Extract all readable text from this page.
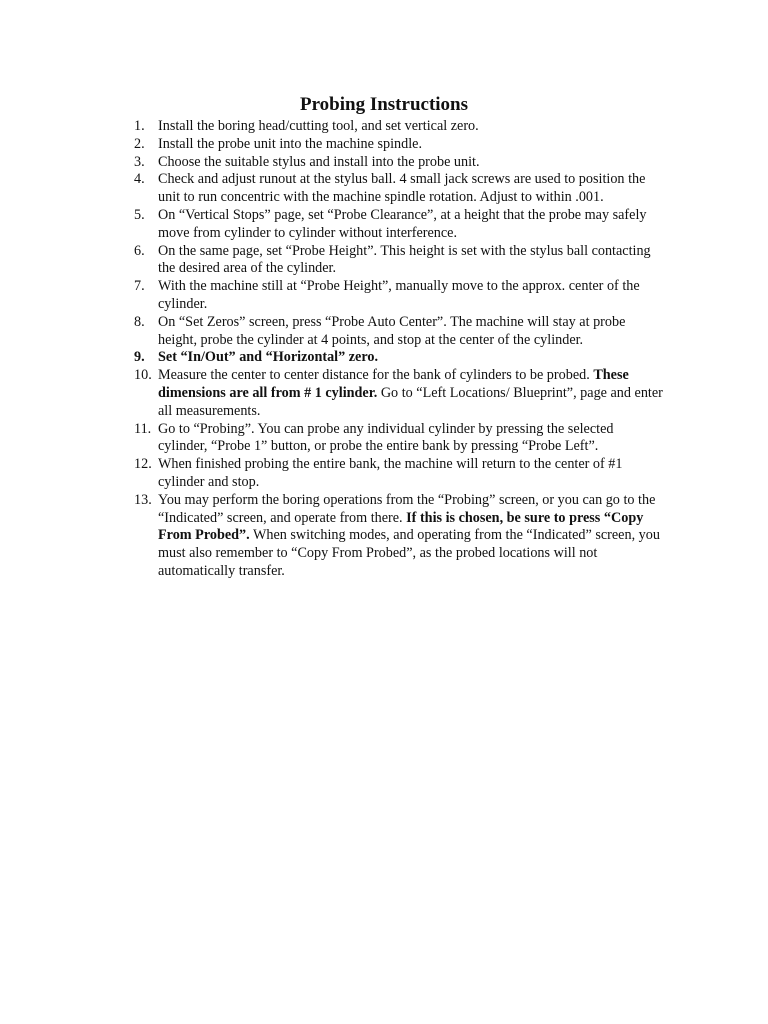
Probing Instructions
1. Install the boring head/cutting tool, and set vertical zero.
2. Install the probe unit into the machine spindle.
3. Choose the suitable stylus and install into the probe unit.
4. Check and adjust runout at the stylus ball. 4 small jack screws are used to position the unit to run concentric with the machine spindle rotation. Adjust to within .001.
5. On “Vertical Stops” page, set “Probe Clearance”, at a height that the probe may safely move from cylinder to cylinder without interference.
6. On the same page, set “Probe Height”. This height is set with the stylus ball contacting the desired area of the cylinder.
7. With the machine still at “Probe Height”, manually move to the approx. center of the cylinder.
8. On “Set Zeros” screen, press “Probe Auto Center”. The machine will stay at probe height, probe the cylinder at 4 points, and stop at the center of the cylinder.
9. Set “In/Out” and “Horizontal” zero.
10. Measure the center to center distance for the bank of cylinders to be probed. These dimensions are all from # 1 cylinder. Go to “Left Locations/ Blueprint”, page and enter all measurements.
11. Go to “Probing”. You can probe any individual cylinder by pressing the selected cylinder, “Probe 1” button, or probe the entire bank by pressing “Probe Left”.
12. When finished probing the entire bank, the machine will return to the center of #1 cylinder and stop.
13. You may perform the boring operations from the “Probing” screen, or you can go to the “Indicated” screen, and operate from there. If this is chosen, be sure to press “Copy From Probed”. When switching modes, and operating from the “Indicated” screen, you must also remember to “Copy From Probed”, as the probed locations will not automatically transfer.
